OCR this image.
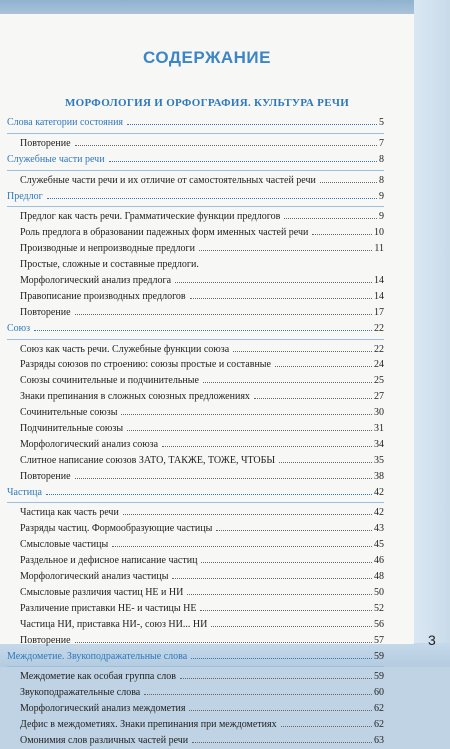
СОДЕРЖАНИЕ
МОРФОЛОГИЯ И ОРФОГРАФИЯ. КУЛЬТУРА РЕЧИ
Слова категории состояния	5
Повторение	7
Служебные части речи	8
Служебные части речи и их отличие от самостоятельных частей речи	8
Предлог	9
Предлог как часть речи. Грамматические функции предлогов	9
Роль предлога в образовании падежных форм именных частей речи	10
Производные и непроизводные предлоги	11
Простые, сложные и составные предлоги.
Морфологический анализ предлога	14
Правописание производных предлогов	14
Повторение	17
Союз	22
Союз как часть речи. Служебные функции союза	22
Разряды союзов по строению: союзы простые и составные	24
Союзы сочинительные и подчинительные	25
Знаки препинания в сложных союзных предложениях	27
Сочинительные союзы	30
Подчинительные союзы	31
Морфологический анализ союза	34
Слитное написание союзов ЗАТО, ТАКЖЕ, ТОЖЕ, ЧТОБЫ	35
Повторение	38
Частица	42
Частица как часть речи	42
Разряды частиц. Формообразующие частицы	43
Смысловые частицы	45
Раздельное и дефисное написание частиц	46
Морфологический анализ частицы	48
Смысловые различия частиц НЕ и НИ	50
Различение приставки НЕ- и частицы НЕ	52
Частица НИ, приставка НИ-, союз НИ... НИ	56
Повторение	57
Междометие. Звукоподражательные слова	59
Междометие как особая группа слов	59
Звукоподражательные слова	60
Морфологический анализ междометия	62
Дефис в междометиях. Знаки препинания при междометиях	62
Омонимия слов различных частей речи	63

3
